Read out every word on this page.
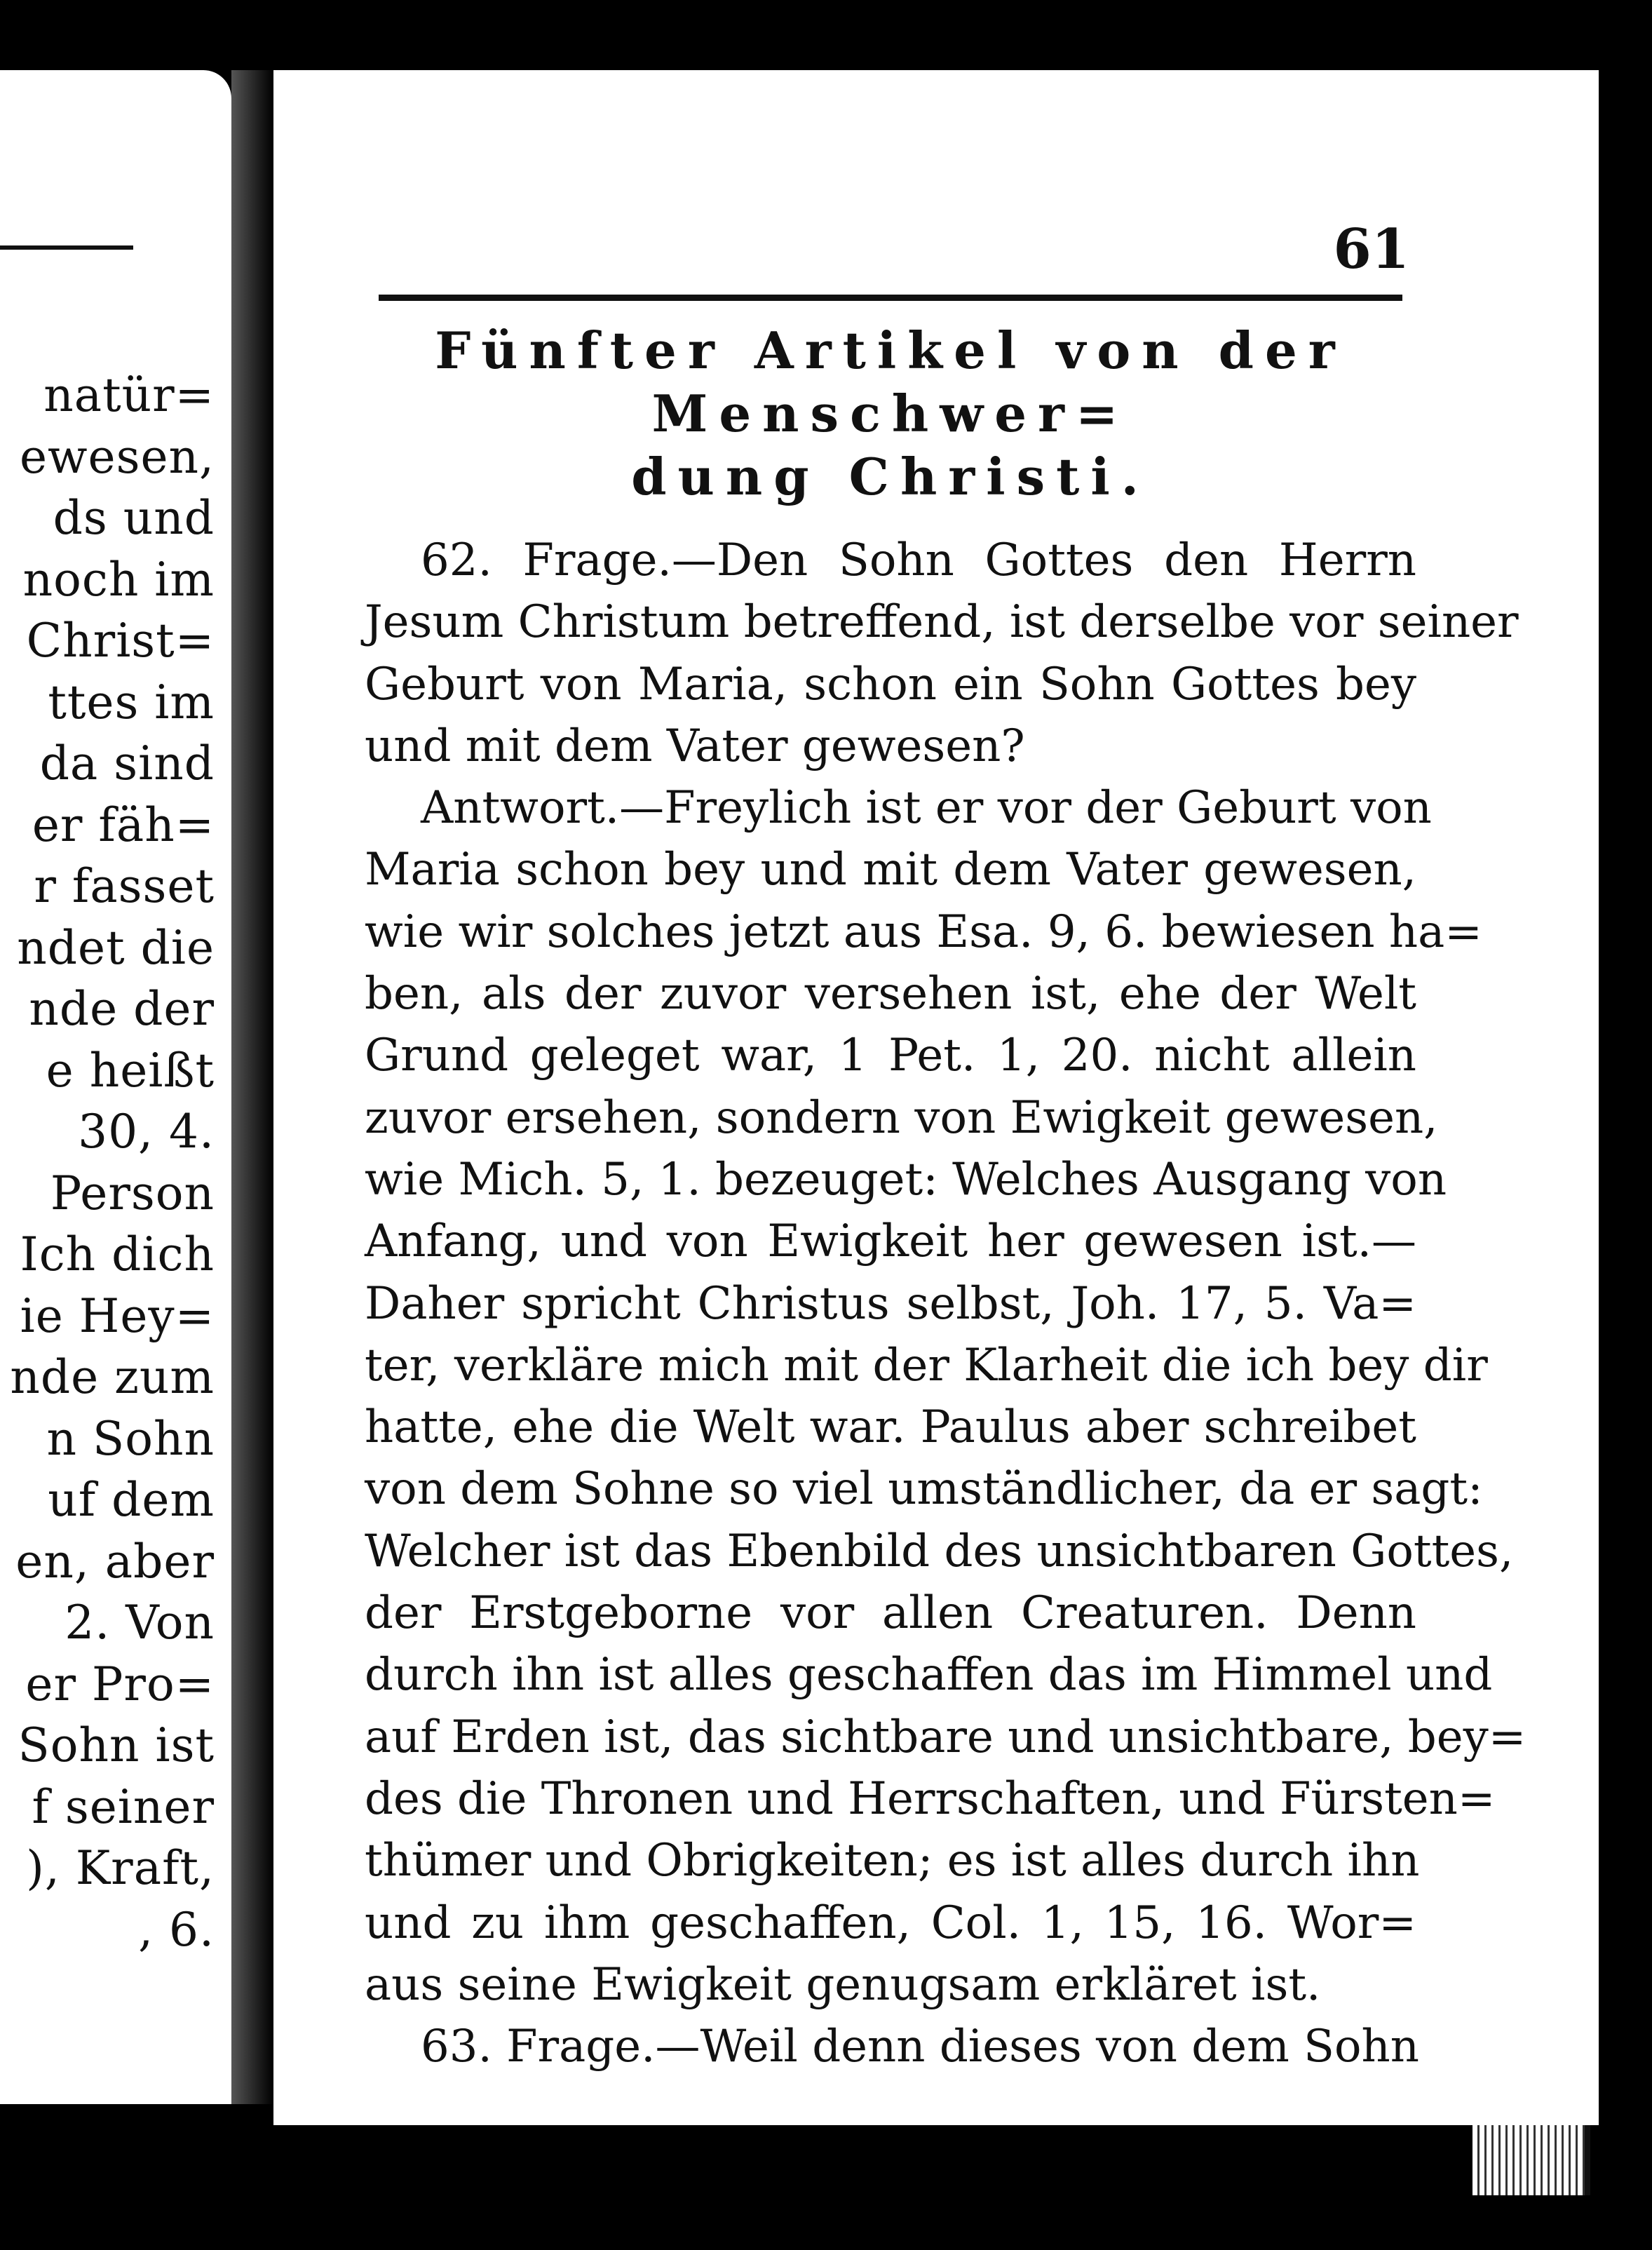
natür=
ewesen,
ds und
noch im
Christ=
ttes im
da sind
er fäh=
r fasset
ndet die
nde der
e heißt
30, 4.
Person
Ich dich
ie Hey=
nde zum
n Sohn
uf dem
en, aber
2. Von
er Pro=
Sohn ist
f seiner
), Kraft,
, 6.
61
Fünfter Artikel von der Menschwer=
dung Christi.
62. Frage.—Den Sohn Gottes den Herrn
Jesum Christum betreffend, ist derselbe vor seiner
Geburt von Maria, schon ein Sohn Gottes bey
und mit dem Vater gewesen?
Antwort.—Freylich ist er vor der Geburt von
Maria schon bey und mit dem Vater gewesen,
wie wir solches jetzt aus Esa. 9, 6. bewiesen ha=
ben, als der zuvor versehen ist, ehe der Welt
Grund geleget war, 1 Pet. 1, 20. nicht allein
zuvor ersehen, sondern von Ewigkeit gewesen,
wie Mich. 5, 1. bezeuget: Welches Ausgang von
Anfang, und von Ewigkeit her gewesen ist.—
Daher spricht Christus selbst, Joh. 17, 5. Va=
ter, verkläre mich mit der Klarheit die ich bey dir
hatte, ehe die Welt war. Paulus aber schreibet
von dem Sohne so viel umständlicher, da er sagt:
Welcher ist das Ebenbild des unsichtbaren Gottes,
der Erstgeborne vor allen Creaturen. Denn
durch ihn ist alles geschaffen das im Himmel und
auf Erden ist, das sichtbare und unsichtbare, bey=
des die Thronen und Herrschaften, und Fürsten=
thümer und Obrigkeiten; es ist alles durch ihn
und zu ihm geschaffen, Col. 1, 15, 16. Wor=
aus seine Ewigkeit genugsam erkläret ist.
63. Frage.—Weil denn dieses von dem Sohn
